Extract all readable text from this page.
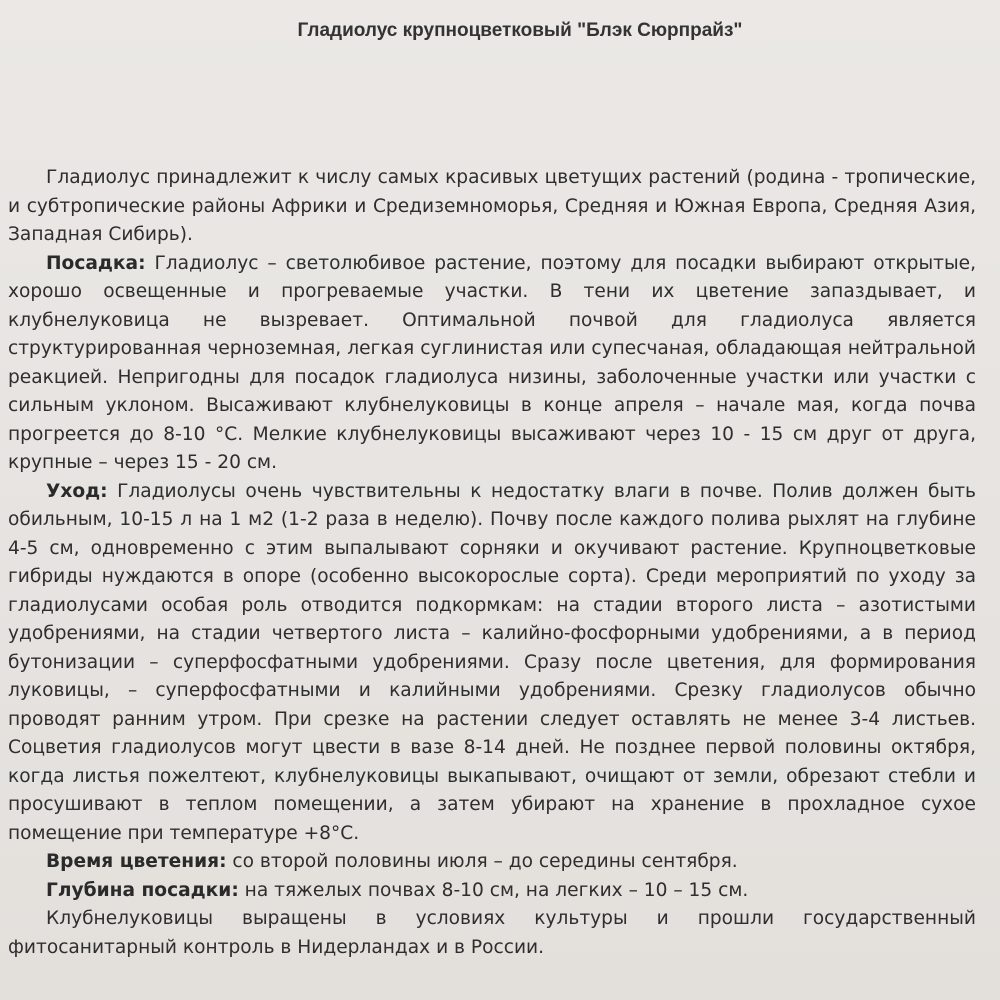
Гладиолус крупноцветковый "Блэк Сюрпрайз"

Гладиолус принадлежит к числу самых красивых цветущих растений (родина - тропические, и субтропические районы Африки и Средиземноморья, Средняя и Южная Европа, Средняя Азия, Западная Сибирь).

Посадка: Гладиолус – светолюбивое растение, поэтому для посадки выбирают открытые, хорошо освещенные и прогреваемые участки. В тени их цветение запаздывает, и клубнелуковица не вызревает. Оптимальной почвой для гладиолуса является структурированная черноземная, легкая суглинистая или супесчаная, обладающая нейтральной реакцией. Непригодны для посадок гладиолуса низины, заболоченные участки или участки с сильным уклоном. Высаживают клубнелуковицы в конце апреля – начале мая, когда почва прогреется до 8-10 °С. Мелкие клубнелуковицы высаживают через 10 - 15 см друг от друга, крупные – через 15 - 20 см.

Уход: Гладиолусы очень чувствительны к недостатку влаги в почве. Полив должен быть обильным, 10-15 л на 1 м2 (1-2 раза в неделю). Почву после каждого полива рыхлят на глубине 4-5 см, одновременно с этим выпалывают сорняки и окучивают растение. Крупноцветковые гибриды нуждаются в опоре (особенно высокорослые сорта). Среди мероприятий по уходу за гладиолусами особая роль отводится подкормкам: на стадии второго листа – азотистыми удобрениями, на стадии четвертого листа – калийно-фосфорными удобрениями, а в период бутонизации – суперфосфатными удобрениями. Сразу после цветения, для формирования луковицы, – суперфосфатными и калийными удобрениями. Срезку гладиолусов обычно проводят ранним утром. При срезке на растении следует оставлять не менее 3-4 листьев. Соцветия гладиолусов могут цвести в вазе 8-14 дней. Не позднее первой половины октября, когда листья пожелтеют, клубнелуковицы выкапывают, очищают от земли, обрезают стебли и просушивают в теплом помещении, а затем убирают на хранение в прохладное сухое помещение при температуре +8°С.

Время цветения: со второй половины июля – до середины сентября.

Глубина посадки: на тяжелых почвах 8-10 см, на легких – 10 – 15 см.

Клубнелуковицы выращены в условиях культуры и прошли государственный фитосанитарный контроль в Нидерландах и в России.
